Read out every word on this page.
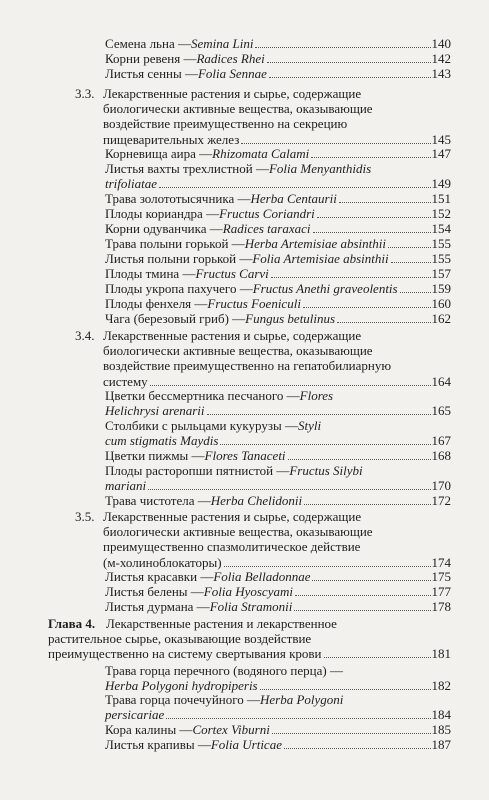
Семена льна — Semina Lini	140
Корни ревеня — Radices Rhei	142
Листья сенны — Folia Sennae	143
3.3. Лекарственные растения и сырье, содержащие
биологически активные вещества, оказывающие
воздействие преимущественно на секрецию
пищеварительных желез	145
Корневища аира — Rhizomata Calami	147
Листья вахты трехлистной — Folia Menyanthidis
trifoliatae	149
Трава золототысячника — Herba Centaurii	151
Плоды кориандра — Fructus Coriandri	152
Корни одуванчика — Radices taraxaci	154
Трава полыни горькой — Herba Artemisiae absinthii	155
Листья полыни горькой — Folia Artemisiae absinthii	155
Плоды тмина — Fructus Carvi	157
Плоды укропа пахучего — Fructus Anethi graveolentis	159
Плоды фенхеля — Fructus Foeniculi	160
Чага (березовый гриб) — Fungus betulinus	162
3.4. Лекарственные растения и сырье, содержащие
биологически активные вещества, оказывающие
воздействие преимущественно на гепатобилиарную
систему	164
Цветки бессмертника песчаного — Flores
Helichrysi arenarii	165
Столбики с рыльцами кукурузы — Styli
cum stigmatis Maydis	167
Цветки пижмы — Flores Tanaceti	168
Плоды расторопши пятнистой — Fructus Silybi
mariani	170
Трава чистотела — Herba Chelidonii	172
3.5. Лекарственные растения и сырье, содержащие
биологически активные вещества, оказывающие
преимущественно спазмолитическое действие
(м-холиноблокаторы)	174
Листья красавки — Folia Belladonnae	175
Листья белены — Folia Hyoscyami	177
Листья дурмана — Folia Stramonii	178
Глава 4. Лекарственные растения и лекарственное
растительное сырье, оказывающие воздействие
преимущественно на систему свертывания крови	181
Трава горца перечного (водяного перца) —
Herba Polygoni hydropiperis	182
Трава горца почечуйного — Herba Polygoni
persicariae	184
Кора калины — Cortex Viburni	185
Листья крапивы — Folia Urticae	187
